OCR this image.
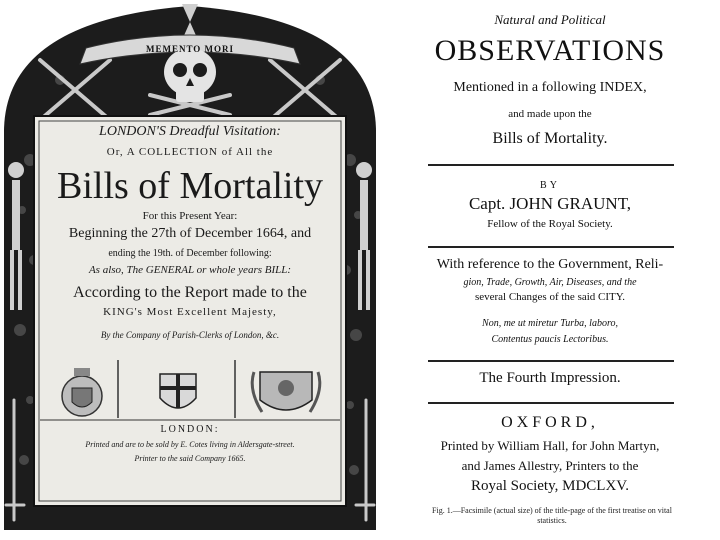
MEMENTO MORI
LONDON'S Dreadful Visitation:
Or, A COLLECTION of All the
Bills of Mortality
For this Present Year:
Beginning the 27th of December 1664, and
ending the 19th. of December following:
As also, The GENERAL or whole years BILL:
According to the Report made to the
KING's Most Excellent Majesty,
By the Company of Parish-Clerks of London, &c.
LONDON:
Printed and are to be sold by E. Cotes living in Aldersgate-street.
Printer to the said Company 1665.
Natural and Political
OBSERVATIONS
Mentioned in a following INDEX,
and made upon the
Bills of Mortality.
BY
Capt. JOHN GRAUNT,
Fellow of the Royal Society.
With reference to the Government, Reli-
gion, Trade, Growth, Air, Diseases, and the
several Changes of the said CITY.
Non, me ut miretur Turba, laboro,
Contentus paucis Lectoribus.
The Fourth Impression.
OXFORD,
Printed by William Hall, for John Martyn,
and James Allestry, Printers to the
Royal Society, MDCLXV.
Fig. 1.—Facsimile (actual size) of the title-page of the first treatise on vital
statistics.
